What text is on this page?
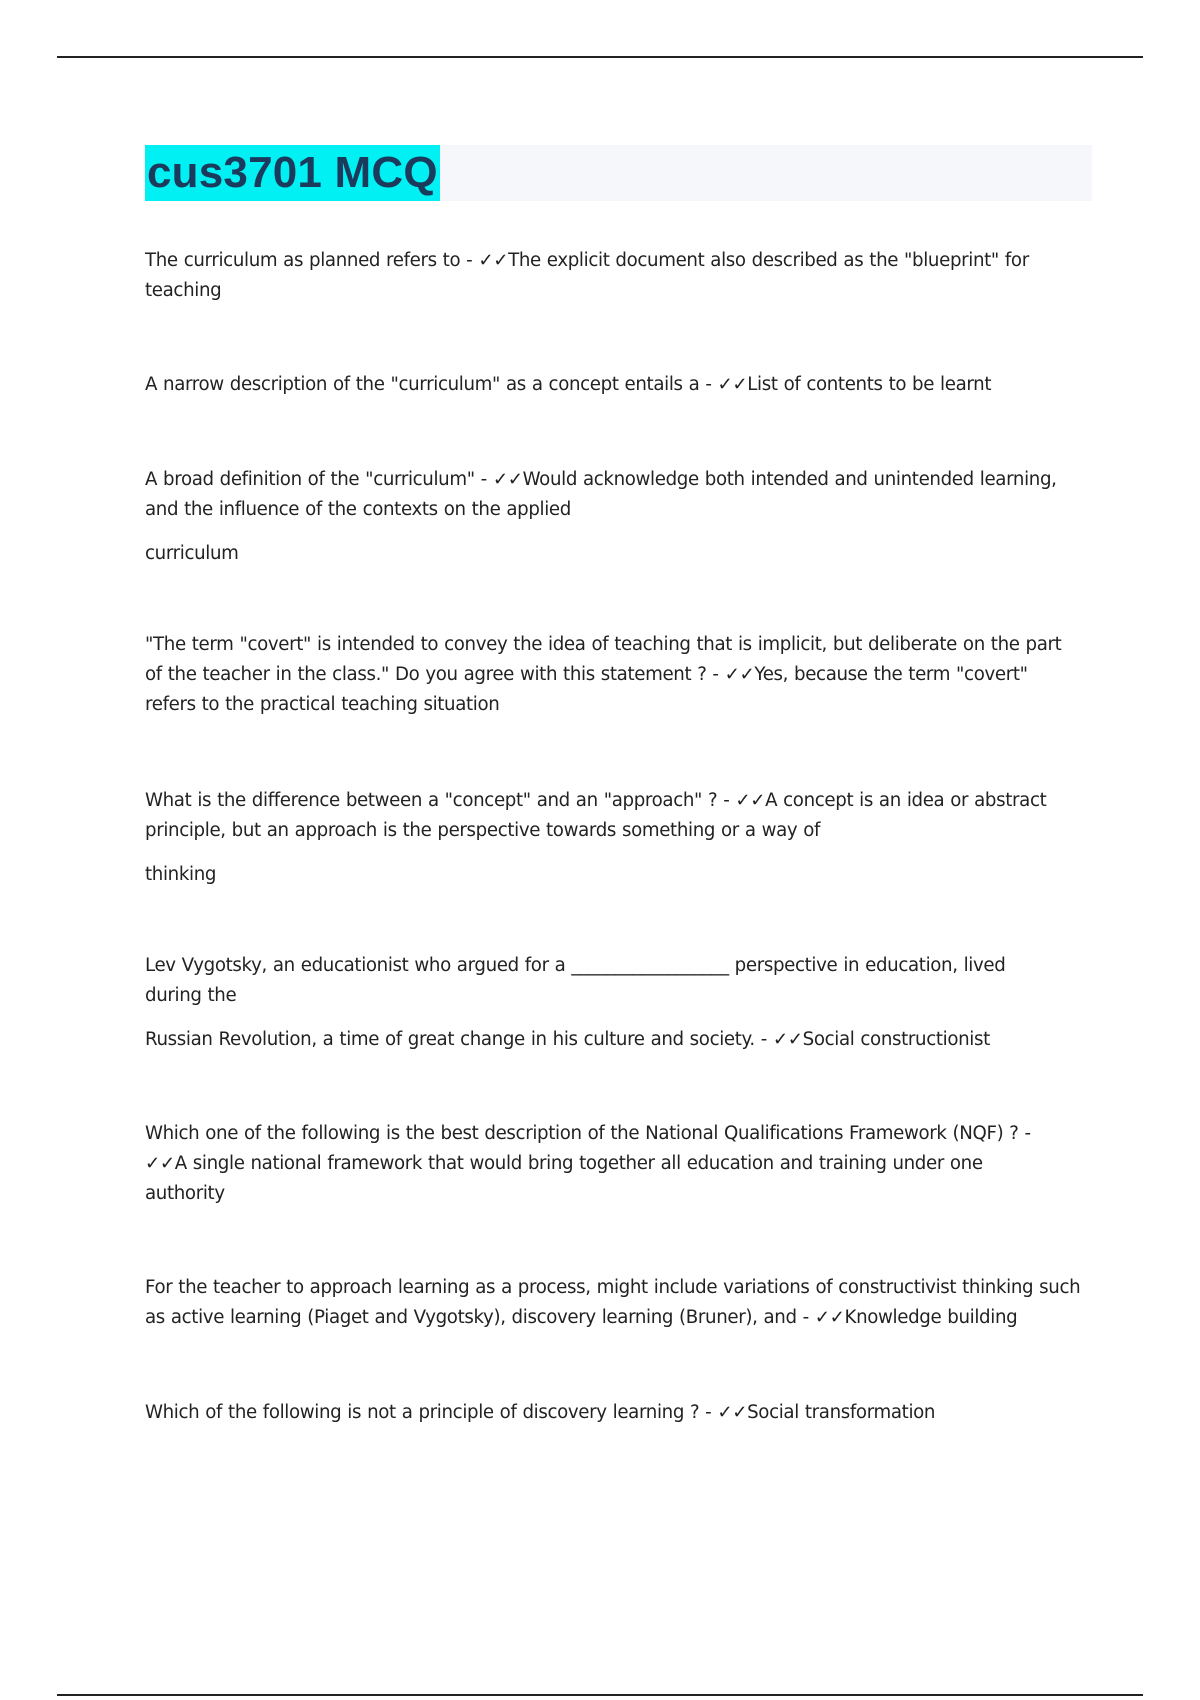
cus3701 MCQ
The curriculum as planned refers to - ✓✓The explicit document also described as the "blueprint" for
teaching
A narrow description of the "curriculum" as a concept entails a - ✓✓List of contents to be learnt
A broad definition of the "curriculum" - ✓✓Would acknowledge both intended and unintended learning,
and the influence of the contexts on the applied
curriculum
"The term "covert" is intended to convey the idea of teaching that is implicit, but deliberate on the part
of the teacher in the class." Do you agree with this statement ? - ✓✓Yes, because the term "covert"
refers to the practical teaching situation
What is the difference between a "concept" and an "approach" ? - ✓✓A concept is an idea or abstract
principle, but an approach is the perspective towards something or a way of
thinking
Lev Vygotsky, an educationist who argued for a __________________ perspective in education, lived
during the
Russian Revolution, a time of great change in his culture and society. - ✓✓Social constructionist
Which one of the following is the best description of the National Qualifications Framework (NQF) ? -
✓✓A single national framework that would bring together all education and training under one
authority
For the teacher to approach learning as a process, might include variations of constructivist thinking such
as active learning (Piaget and Vygotsky), discovery learning (Bruner), and - ✓✓Knowledge building
Which of the following is not a principle of discovery learning ? - ✓✓Social transformation
